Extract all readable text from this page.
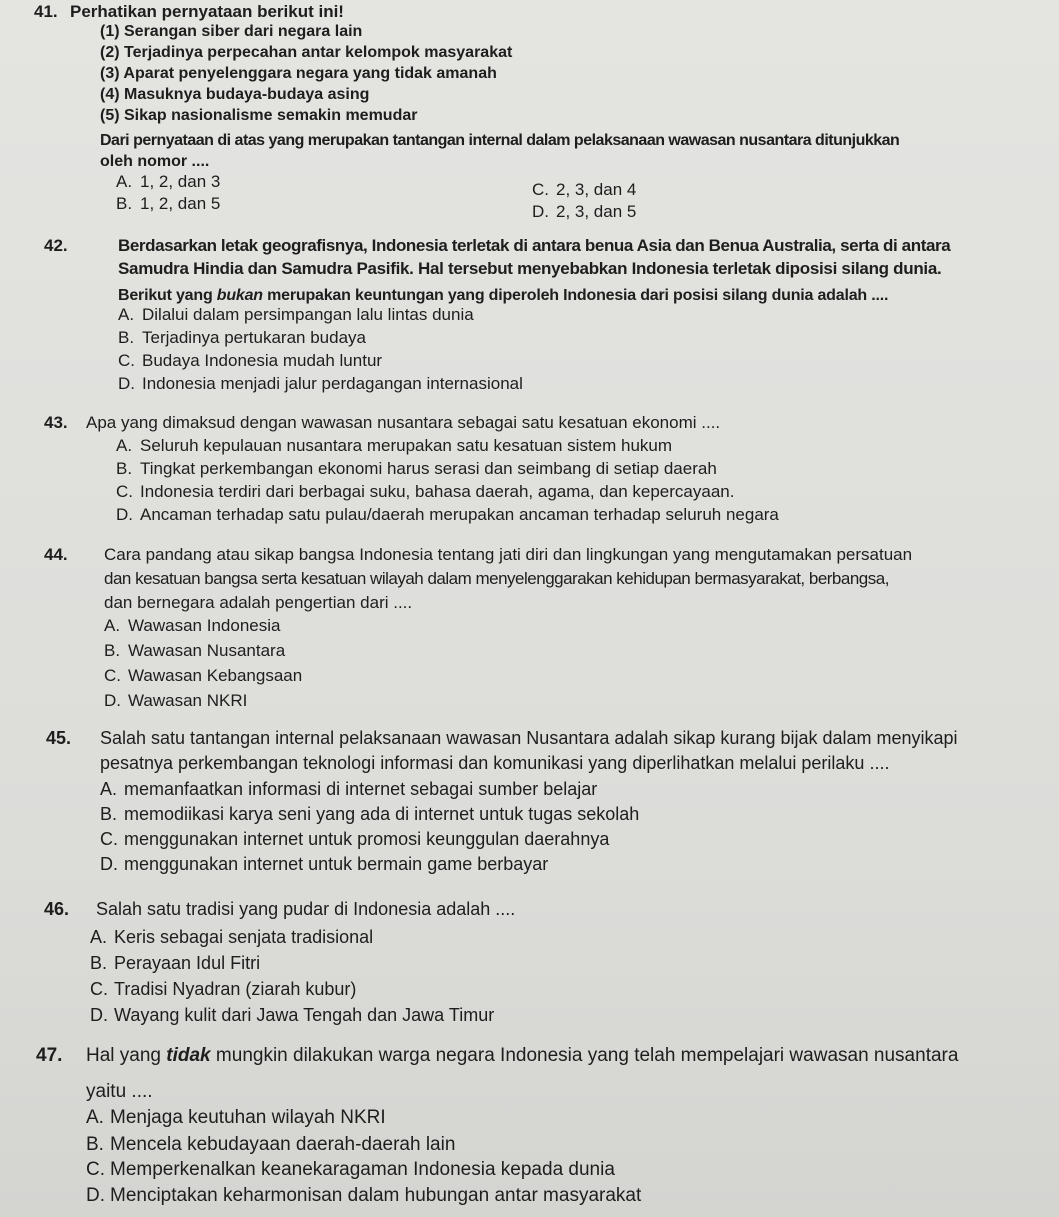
41. Perhatikan pernyataan berikut ini!
(1) Serangan siber dari negara lain
(2) Terjadinya perpecahan antar kelompok masyarakat
(3) Aparat penyelenggara negara yang tidak amanah
(4) Masuknya budaya-budaya asing
(5) Sikap nasionalisme semakin memudar
Dari pernyataan di atas yang merupakan tantangan internal dalam pelaksanaan wawasan nusantara ditunjukkan
oleh nomor ....
A. 1, 2, dan 3
B. 1, 2, dan 5
C. 2, 3, dan 4
D. 2, 3, dan 5
42.	Berdasarkan letak geografisnya, Indonesia terletak di antara benua Asia dan Benua Australia, serta di antara
Samudra Hindia dan Samudra Pasifik. Hal tersebut menyebabkan Indonesia terletak diposisi silang dunia.
Berikut yang bukan merupakan keuntungan yang diperoleh Indonesia dari posisi silang dunia adalah ....
A. Dilalui dalam persimpangan lalu lintas dunia
B. Terjadinya pertukaran budaya
C. Budaya Indonesia mudah luntur
D. Indonesia menjadi jalur perdagangan internasional
43. Apa yang dimaksud dengan wawasan nusantara sebagai satu kesatuan ekonomi ....
A. Seluruh kepulauan nusantara merupakan satu kesatuan sistem hukum
B. Tingkat perkembangan ekonomi harus serasi dan seimbang di setiap daerah
C. Indonesia terdiri dari berbagai suku, bahasa daerah, agama, dan kepercayaan.
D. Ancaman terhadap satu pulau/daerah merupakan ancaman terhadap seluruh negara
44. Cara pandang atau sikap bangsa Indonesia tentang jati diri dan lingkungan yang mengutamakan persatuan
dan kesatuan bangsa serta kesatuan wilayah dalam menyelenggarakan kehidupan bermasyarakat, berbangsa,
dan bernegara adalah pengertian dari ....
A. Wawasan Indonesia
B. Wawasan Nusantara
C. Wawasan Kebangsaan
D. Wawasan NKRI
45. Salah satu tantangan internal pelaksanaan wawasan Nusantara adalah sikap kurang bijak dalam menyikapi
pesatnya perkembangan teknologi informasi dan komunikasi yang diperlihatkan melalui perilaku ....
A. memanfaatkan informasi di internet sebagai sumber belajar
B. memodiikasi karya seni yang ada di internet untuk tugas sekolah
C. menggunakan internet untuk promosi keunggulan daerahnya
D. menggunakan internet untuk bermain game berbayar
46. Salah satu tradisi yang pudar di Indonesia adalah ....
A. Keris sebagai senjata tradisional
B. Perayaan Idul Fitri
C. Tradisi Nyadran (ziarah kubur)
D. Wayang kulit dari Jawa Tengah dan Jawa Timur
47. Hal yang tidak mungkin dilakukan warga negara Indonesia yang telah mempelajari wawasan nusantara
yaitu ....
A. Menjaga keutuhan wilayah NKRI
B. Mencela kebudayaan daerah-daerah lain
C. Memperkenalkan keanekaragaman Indonesia kepada dunia
D. Menciptakan keharmonisan dalam hubungan antar masyarakat
